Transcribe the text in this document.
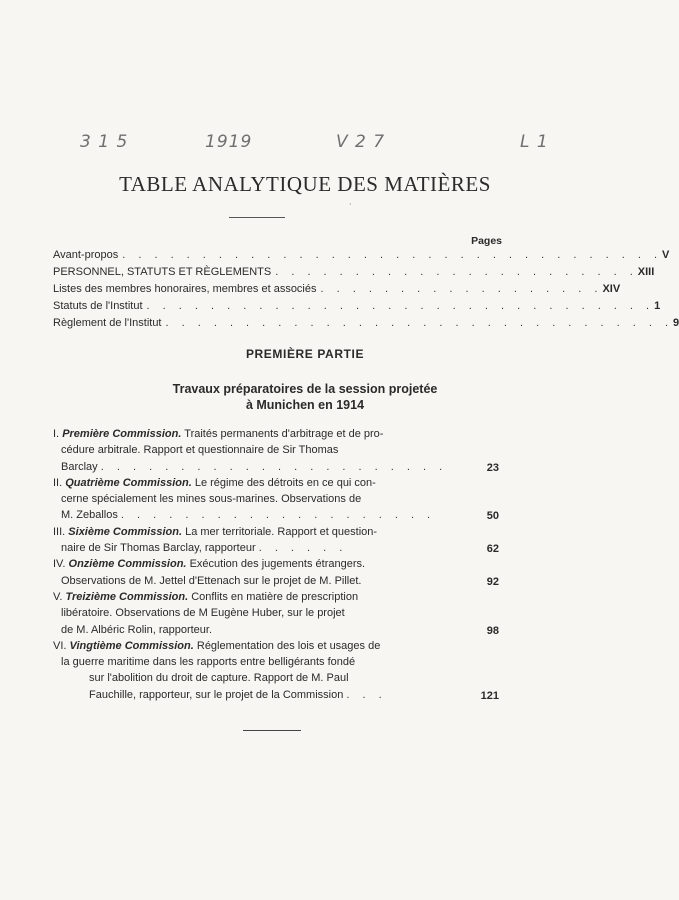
3 1 5	1919	V 2 7	L 1
TABLE ANALYTIQUE DES MATIÈRES
·
Pages
Avant-propos . . . . . . . . . . . . . . . . . . . . . . . . . . . . . . . . . . V
PERSONNEL, STATUTS ET RÈGLEMENTS . . . . . . . . . . . . . . . . . . . . . . . XIII
Listes des membres honoraires, membres et associés . . . . . . . . . . . . . . . . . . XIV
Statuts de l'Institut . . . . . . . . . . . . . . . . . . . . . . . . . . . . . . . . 1
Règlement de l'Institut . . . . . . . . . . . . . . . . . . . . . . . . . . . . . . . . 9
PREMIÈRE PARTIE
Travaux préparatoires de la session projetée
à Munichen en 1914
I. Première Commission. Traités permanents d'arbitrage et de pro-
cédure arbitrale. Rapport et questionnaire de Sir Thomas
Barclay . . . . . . . . . . . . . . . . . . . . . .	23
II. Quatrième Commission. Le régime des détroits en ce qui con-
cerne spécialement les mines sous-marines. Observations de
M. Zeballos . . . . . . . . . . . . . . . . . . . .	50
III. Sixième Commission. La mer territoriale. Rapport et question-
naire de Sir Thomas Barclay, rapporteur . . . . . .	62
IV. Onzième Commission. Exécution des jugements étrangers.
Observations de M. Jettel d'Ettenach sur le projet de M. Pillet.	92
V. Treizième Commission. Conflits en matière de prescription
libératoire. Observations de M Eugène Huber, sur le projet
de M. Albéric Rolin, rapporteur.	98
VI. Vingtième Commission. Réglementation des lois et usages de
la guerre maritime dans les rapports entre belligérants fondé
sur l'abolition du droit de capture. Rapport de M. Paul
Fauchille, rapporteur, sur le projet de la Commission . . .	121
